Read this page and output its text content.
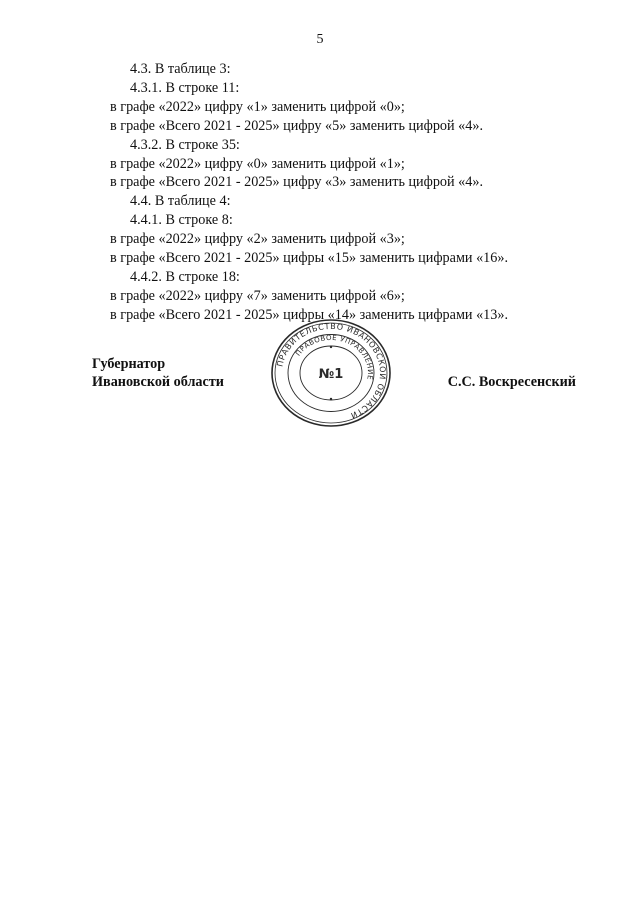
5
4.3. В таблице 3:
4.3.1. В строке 11:
в графе «2022» цифру «1» заменить цифрой «0»;
в графе «Всего 2021 - 2025» цифру «5» заменить цифрой «4».
4.3.2. В строке 35:
в графе «2022» цифру «0» заменить цифрой «1»;
в графе «Всего 2021 - 2025» цифру «3» заменить цифрой «4».
4.4. В таблице 4:
4.4.1. В строке 8:
в графе «2022» цифру «2» заменить цифрой «3»;
в графе «Всего 2021 - 2025» цифры «15» заменить цифрами «16».
4.4.2. В строке 18:
в графе «2022» цифру «7» заменить цифрой «6»;
в графе «Всего 2021 - 2025» цифры «14» заменить цифрами «13».
Губернатор
Ивановской области	С.С. Воскресенский
ПРАВИТЕЛЬСТВО ИВАНОВСКОЙ ОБЛАСТИ
ПРАВОВОЕ УПРАВЛЕНИЕ
№1
